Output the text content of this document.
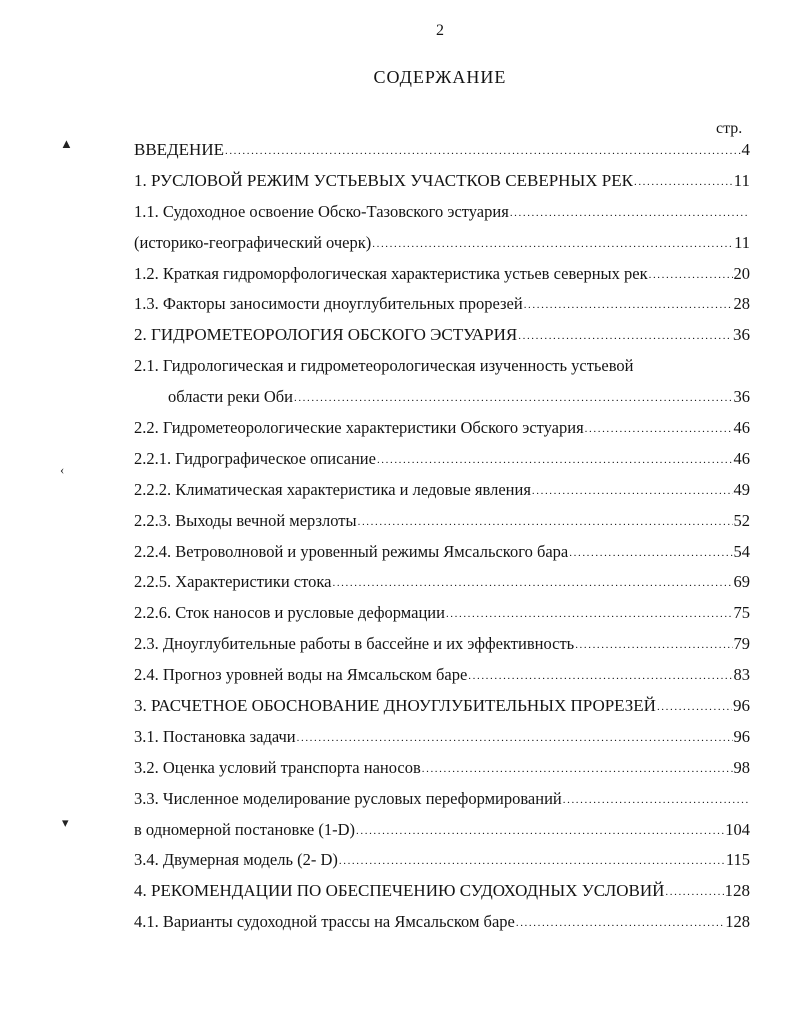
2
СОДЕРЖАНИЕ
стр.
▲
‹
▾
ВВЕДЕНИЕ .....	4
1. РУСЛОВОЙ РЕЖИМ УСТЬЕВЫХ УЧАСТКОВ СЕВЕРНЫХ РЕК .....	11
1.1. Судоходное освоение Обско-Тазовского эстуария
.....
(историко-географический очерк) .....	11
1.2. Краткая гидроморфологическая характеристика устьев северных рек .....	20
1.3. Факторы заносимости дноуглубительных прорезей .....	28
2. ГИДРОМЕТЕОРОЛОГИЯ ОБСКОГО ЭСТУАРИЯ .....	36
2.1. Гидрологическая и гидрометеорологическая изученность устьевой
области реки Оби .....	36
2.2. Гидрометеорологические характеристики Обского эстуария .....	46
2.2.1. Гидрографическое описание .....	46
2.2.2. Климатическая характеристика и ледовые явления .....	49
2.2.3. Выходы вечной мерзлоты .....	52
2.2.4. Ветроволновой и уровенный режимы Ямсальского бара .....	54
2.2.5. Характеристики стока .....	69
2.2.6. Сток наносов и русловые деформации .....	75
2.3. Дноуглубительные работы в бассейне и их эффективность .....	79
2.4. Прогноз уровней воды на Ямсальском баре .....	83
3. РАСЧЕТНОЕ ОБОСНОВАНИЕ ДНОУГЛУБИТЕЛЬНЫХ ПРОРЕЗЕЙ .....	96
3.1. Постановка задачи .....	96
3.2. Оценка условий транспорта наносов .....	98
3.3. Численное моделирование русловых переформирований
.....
в одномерной постановке (1-D) .....	104
3.4. Двумерная модель (2- D) .....	115
4. РЕКОМЕНДАЦИИ ПО ОБЕСПЕЧЕНИЮ СУДОХОДНЫХ УСЛОВИЙ .....	128
4.1. Варианты судоходной трассы на Ямсальском баре .....	128
